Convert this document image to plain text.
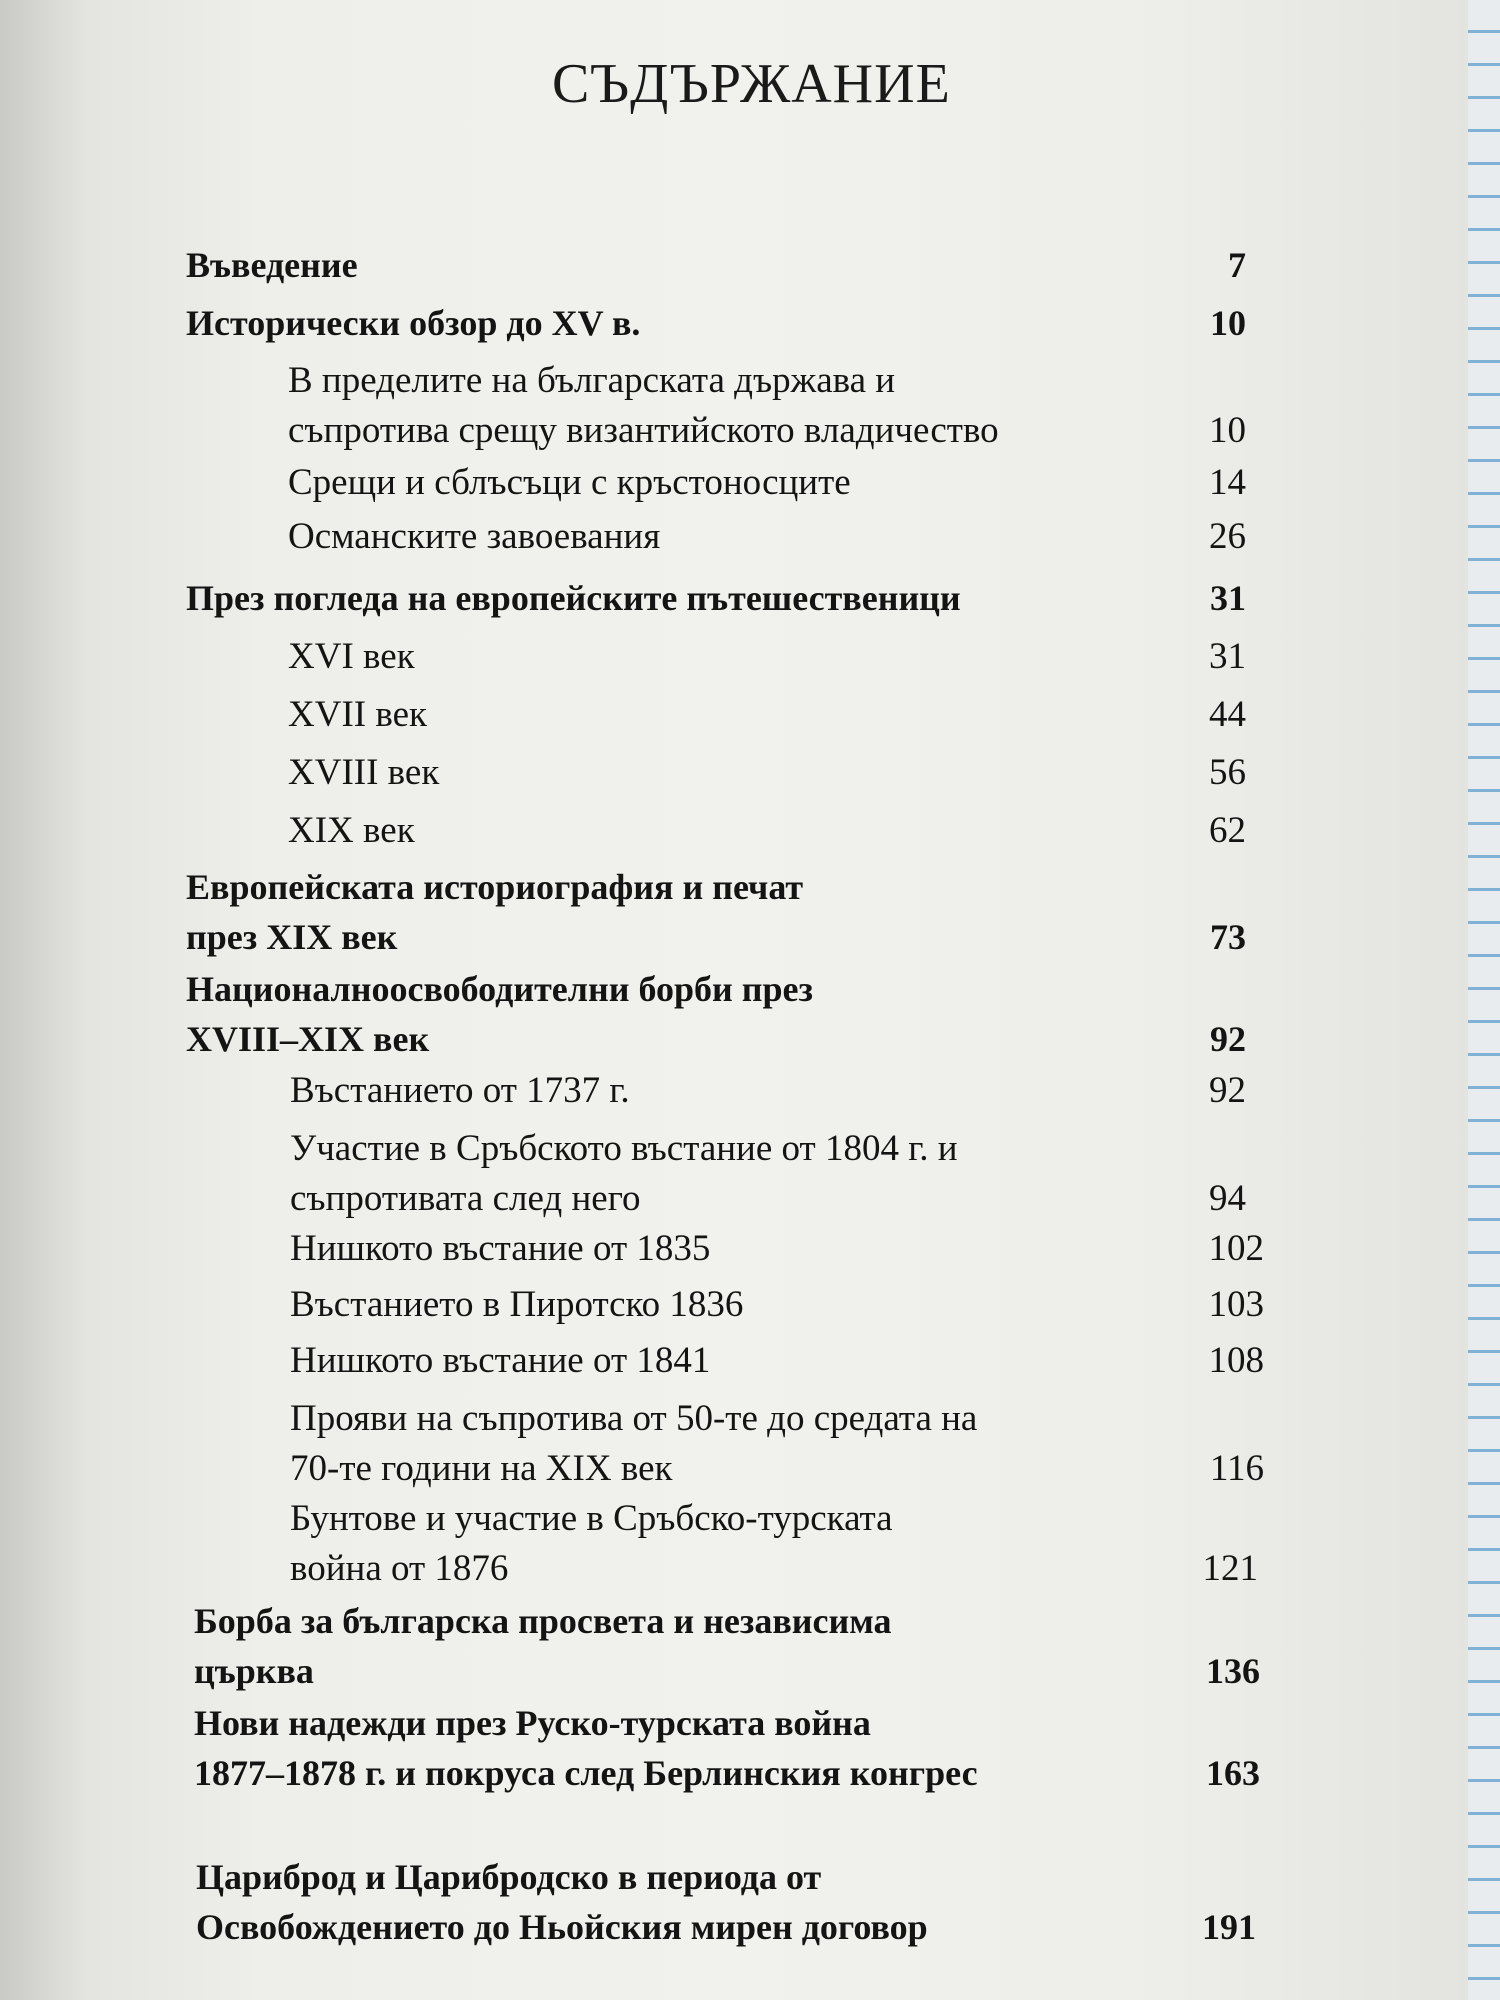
СЪДЪРЖАНИЕ
Въведение	7
Исторически обзор до XV в.	10
В пределите на българската държава и
съпротива срещу византийското владичество	10
Срещи и сблъсъци с кръстоносците	14
Османските завоевания	26
През погледа на европейските пътешественици	31
XVI век	31
XVII век	44
XVIII век	56
XIX век	62
Европейската историография и печат
през XIX век	73
Националноосвободителни борби през
XVIII–XIX век	92
Въстанието от 1737 г.	92
Участие в Сръбското въстание от 1804 г. и
съпротивата след него	94
Нишкото въстание от 1835	102
Въстанието в Пиротско 1836	103
Нишкото въстание от 1841	108
Прояви на съпротива от 50-те до средата на
70-те години на XIX век	116
Бунтове и участие в Сръбско-турската
война от 1876	121
Борба за българска просвета и независима
църква	136
Нови надежди през Руско-турската война
1877–1878 г. и покруса след Берлинския конгрес	163
Цариброд и Царибродско в периода от
Освобождението до Ньойския мирен договор	191
